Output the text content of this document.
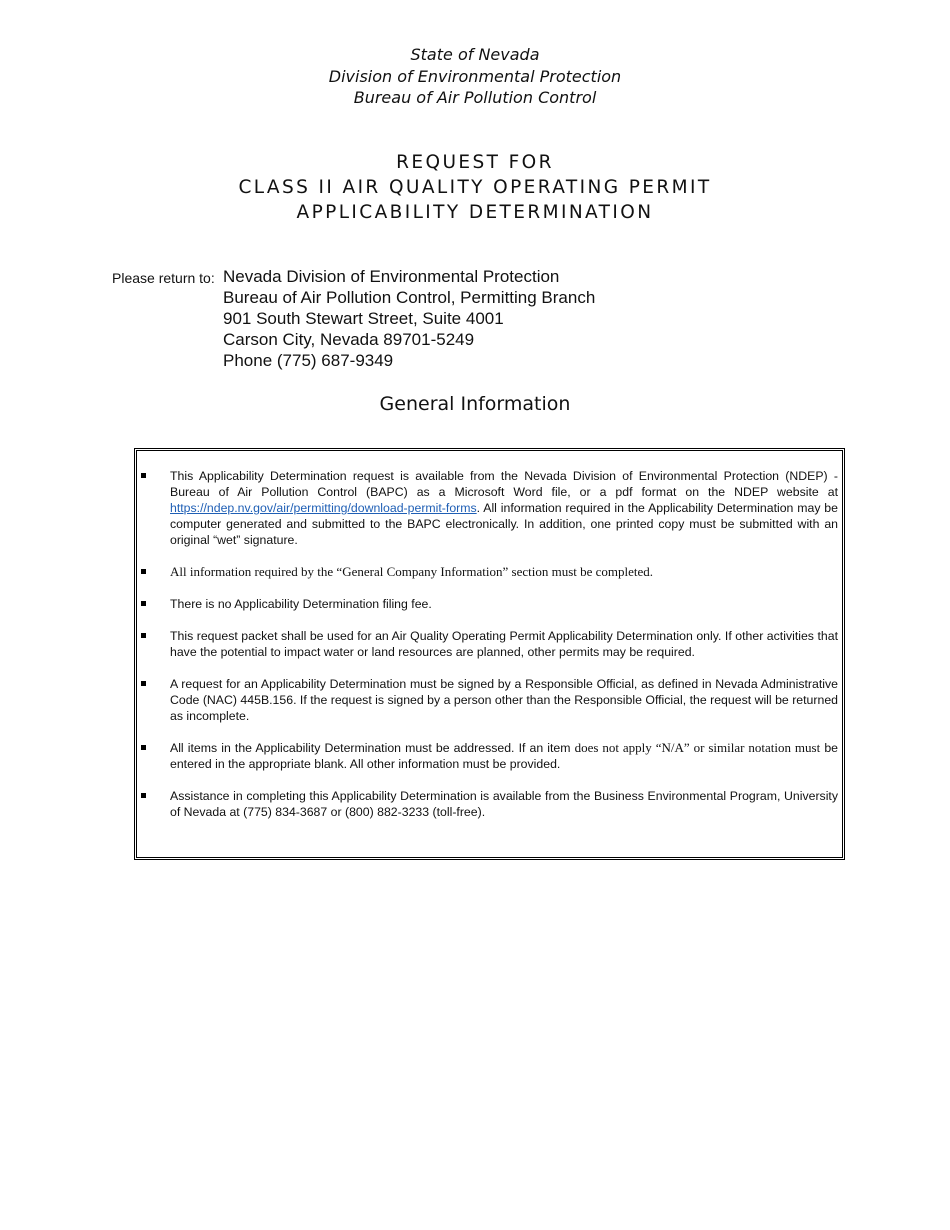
State of Nevada
Division of Environmental Protection
Bureau of Air Pollution Control
REQUEST FOR
CLASS II AIR QUALITY OPERATING PERMIT
APPLICABILITY DETERMINATION
Please return to: Nevada Division of Environmental Protection
Bureau of Air Pollution Control, Permitting Branch
901 South Stewart Street, Suite 4001
Carson City, Nevada 89701-5249
Phone (775) 687-9349
General Information
This Applicability Determination request is available from the Nevada Division of Environmental Protection (NDEP) - Bureau of Air Pollution Control (BAPC) as a Microsoft Word file, or a pdf format on the NDEP website at https://ndep.nv.gov/air/permitting/download-permit-forms. All information required in the Applicability Determination may be computer generated and submitted to the BAPC electronically. In addition, one printed copy must be submitted with an original “wet” signature.
All information required by the “General Company Information” section must be completed.
There is no Applicability Determination filing fee.
This request packet shall be used for an Air Quality Operating Permit Applicability Determination only. If other activities that have the potential to impact water or land resources are planned, other permits may be required.
A request for an Applicability Determination must be signed by a Responsible Official, as defined in Nevada Administrative Code (NAC) 445B.156. If the request is signed by a person other than the Responsible Official, the request will be returned as incomplete.
All items in the Applicability Determination must be addressed. If an item does not apply “N/A” or similar notation must be entered in the appropriate blank. All other information must be provided.
Assistance in completing this Applicability Determination is available from the Business Environmental Program, University of Nevada at (775) 834-3687 or (800) 882-3233 (toll-free).
